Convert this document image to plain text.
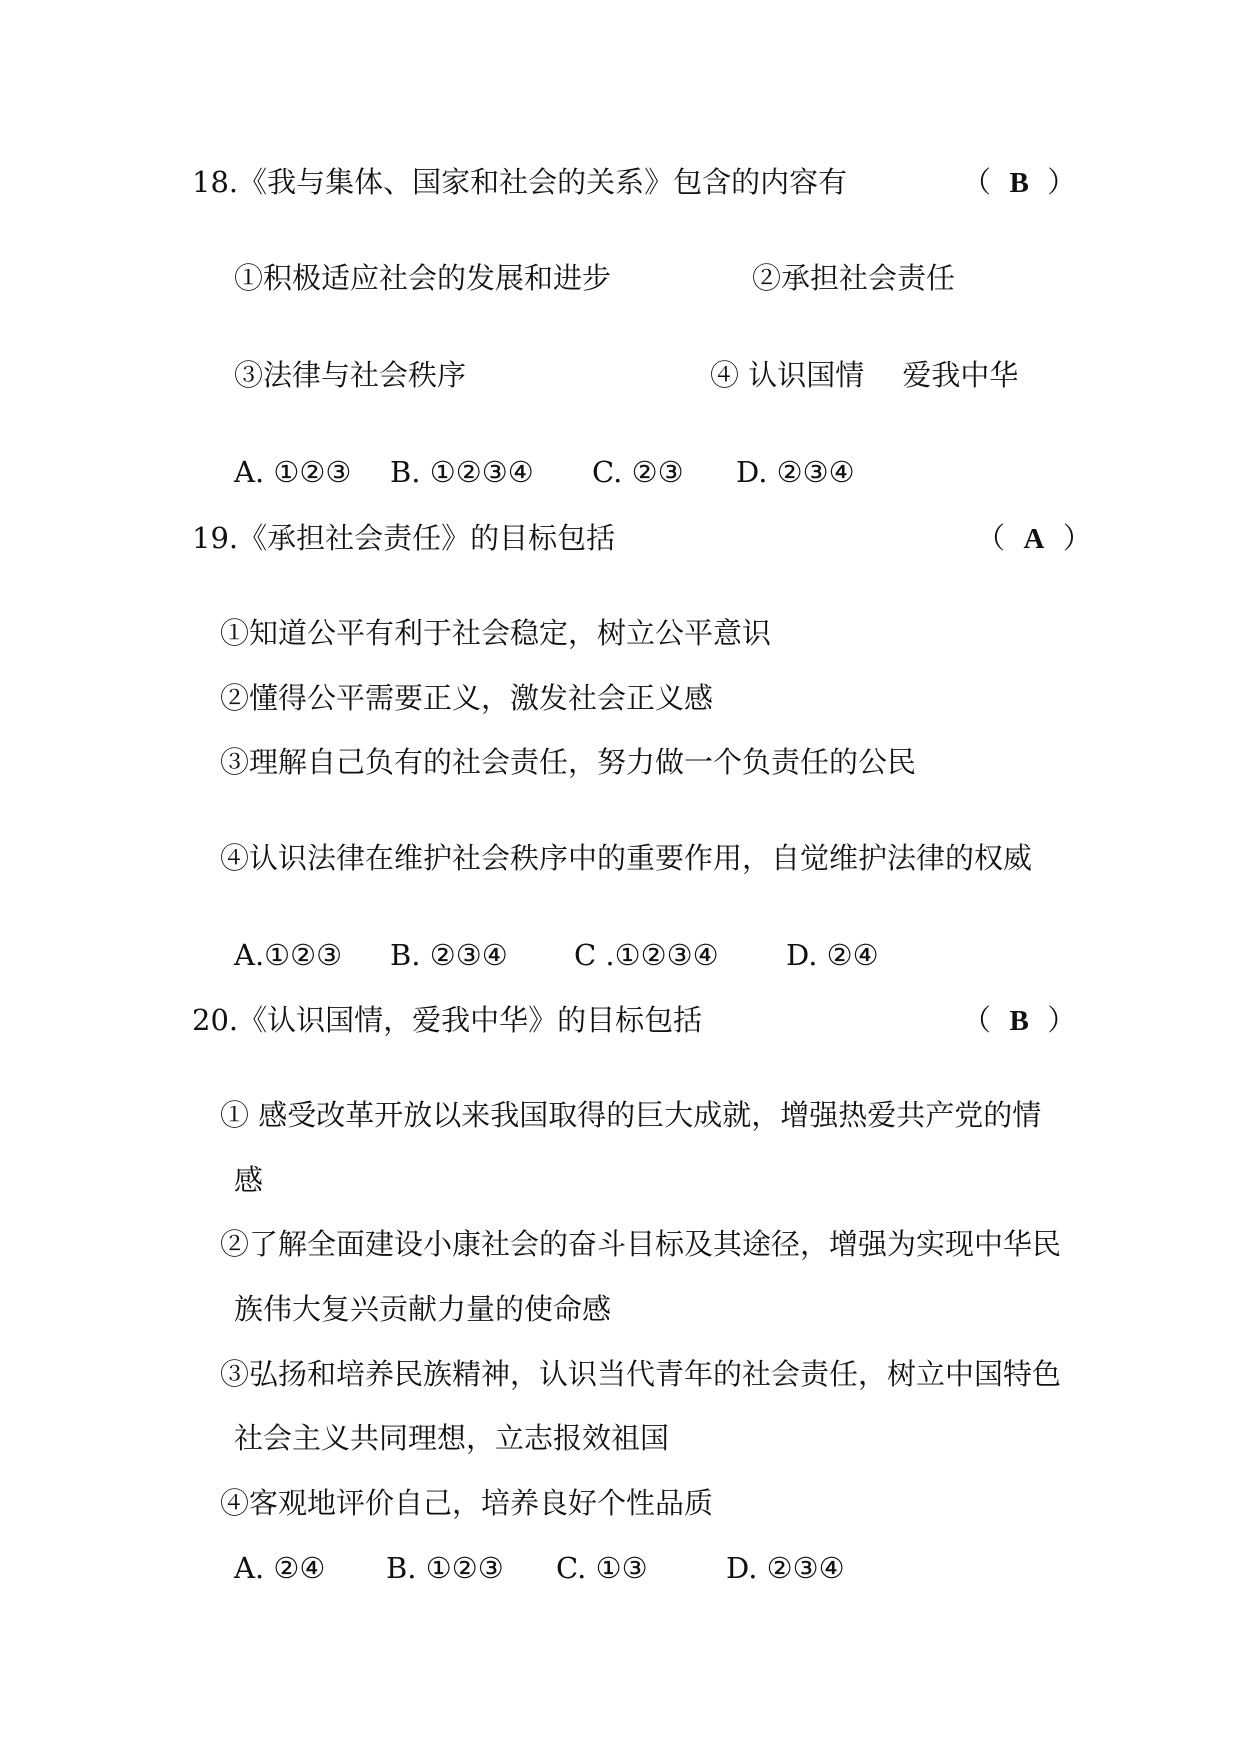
18.《我与集体、国家和社会的关系》包含的内容有	（ B ）
①积极适应社会的发展和进步	②承担社会责任
③法律与社会秩序	④ 认识国情　 爱我中华
A. ①②③ B. ①②③④ C. ②③ D. ②③④
19.《承担社会责任》的目标包括	（ A ）
①知道公平有利于社会稳定，树立公平意识
②懂得公平需要正义，激发社会正义感
③理解自己负有的社会责任，努力做一个负责任的公民
④认识法律在维护社会秩序中的重要作用，自觉维护法律的权威
A.①②③ B. ②③④ C .①②③④ D. ②④
20.《认识国情，爱我中华》的目标包括	（ B ）
① 感受改革开放以来我国取得的巨大成就，增强热爱共产党的情
感
②了解全面建设小康社会的奋斗目标及其途径，增强为实现中华民
族伟大复兴贡献力量的使命感
③弘扬和培养民族精神，认识当代青年的社会责任，树立中国特色
社会主义共同理想，立志报效祖国
④客观地评价自己，培养良好个性品质
A. ②④ B. ①②③ C. ①③	D. ②③④
